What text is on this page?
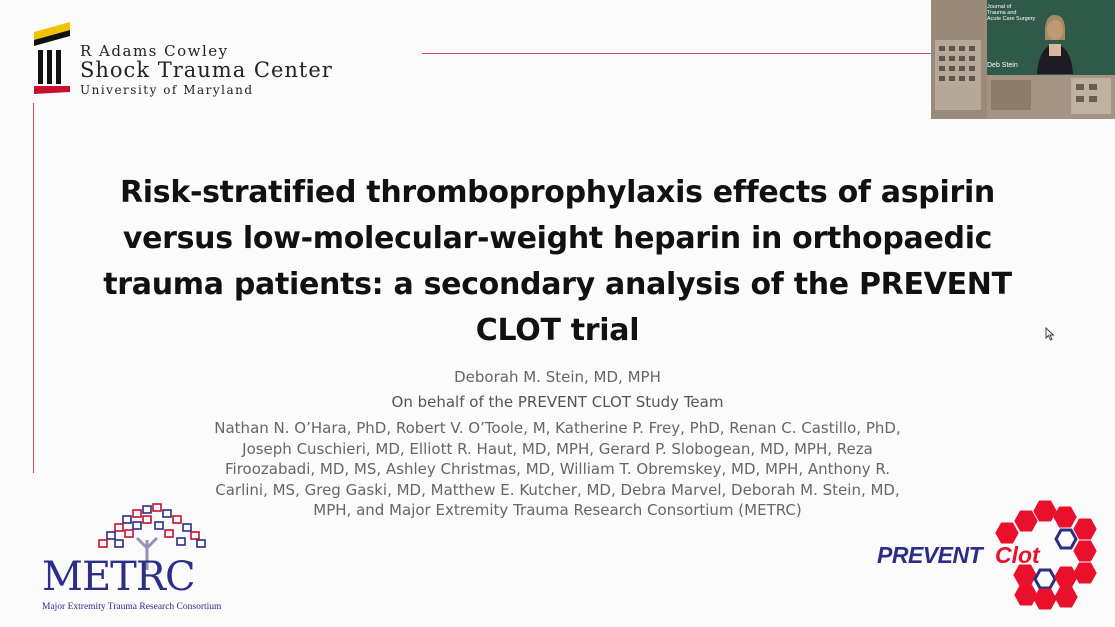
R Adams Cowley
Shock Trauma Center
University of Maryland
Risk-stratified thromboprophylaxis effects of aspirin
versus low-molecular-weight heparin in orthopaedic
trauma patients: a secondary analysis of the PREVENT
CLOT trial
Deborah M. Stein, MD, MPH
On behalf of the PREVENT CLOT Study Team
Nathan N. O’Hara, PhD, Robert V. O’Toole, M, Katherine P. Frey, PhD, Renan C. Castillo, PhD,
Joseph Cuschieri, MD, Elliott R. Haut, MD, MPH, Gerard P. Slobogean, MD, MPH, Reza
Firoozabadi, MD, MS, Ashley Christmas, MD, William T. Obremskey, MD, MPH, Anthony R.
Carlini, MS, Greg Gaski, MD, Matthew E. Kutcher, MD, Debra Marvel, Deborah M. Stein, MD,
MPH, and Major Extremity Trauma Research Consortium (METRC)
METRC
Major Extremity Trauma Research Consortium
PREVENT Clot
Journal of
Trauma and
Acute Care Surgery
Deb Stein
